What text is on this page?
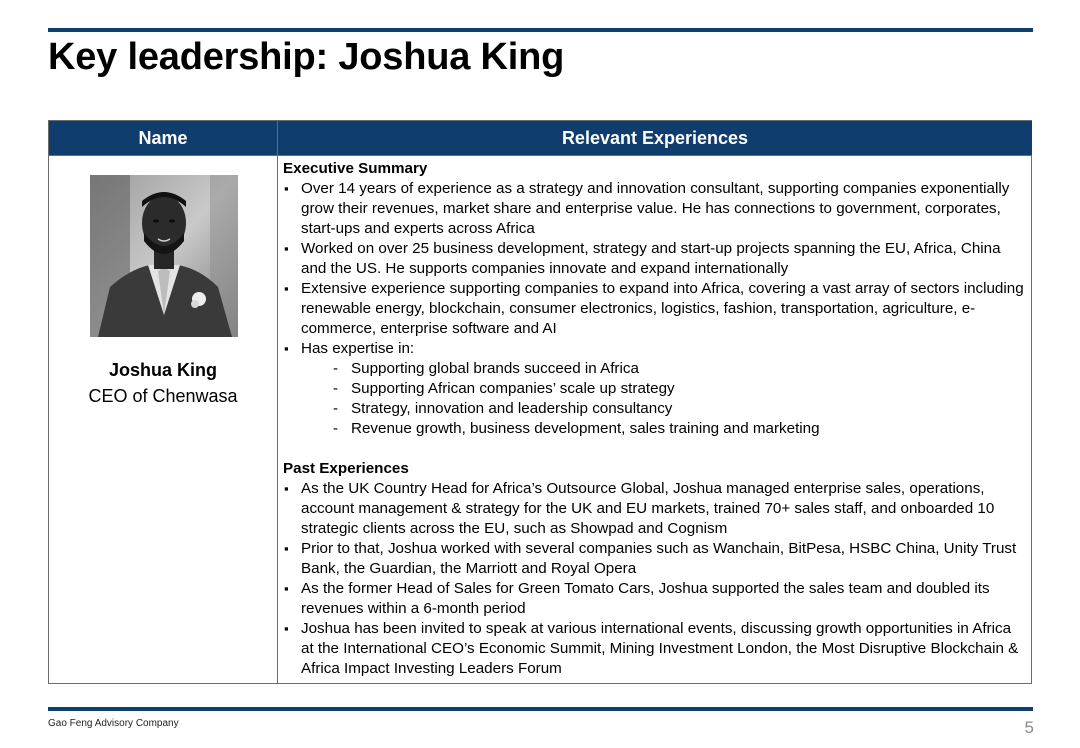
Key leadership: Joshua King
Name	Relevant Experiences
Joshua King
CEO of Chenwasa
Executive Summary
▪ Over 14 years of experience as a strategy and innovation consultant, supporting companies exponentially grow their revenues, market share and enterprise value. He has connections to government, corporates, start-ups and experts across Africa
▪ Worked on over 25 business development, strategy and start-up projects spanning the EU, Africa, China and the US. He supports companies innovate and expand internationally
▪ Extensive experience supporting companies to expand into Africa, covering a vast array of sectors including renewable energy, blockchain, consumer electronics, logistics, fashion, transportation, agriculture, e-commerce, enterprise software and AI
▪ Has expertise in:
- Supporting global brands succeed in Africa
- Supporting African companies’ scale up strategy
- Strategy, innovation and leadership consultancy
- Revenue growth, business development, sales training and marketing
Past Experiences
▪ As the UK Country Head for Africa’s Outsource Global, Joshua managed enterprise sales, operations, account management & strategy for the UK and EU markets, trained 70+ sales staff, and onboarded 10 strategic clients across the EU, such as Showpad and Cognism
▪ Prior to that, Joshua worked with several companies such as Wanchain, BitPesa, HSBC China, Unity Trust Bank, the Guardian, the Marriott and Royal Opera
▪ As the former Head of Sales for Green Tomato Cars, Joshua supported the sales team and doubled its revenues within a 6-month period
▪ Joshua has been invited to speak at various international events, discussing growth opportunities in Africa at the International CEO’s Economic Summit, Mining Investment London, the Most Disruptive Blockchain & Africa Impact Investing Leaders Forum
Gao Feng Advisory Company	5
